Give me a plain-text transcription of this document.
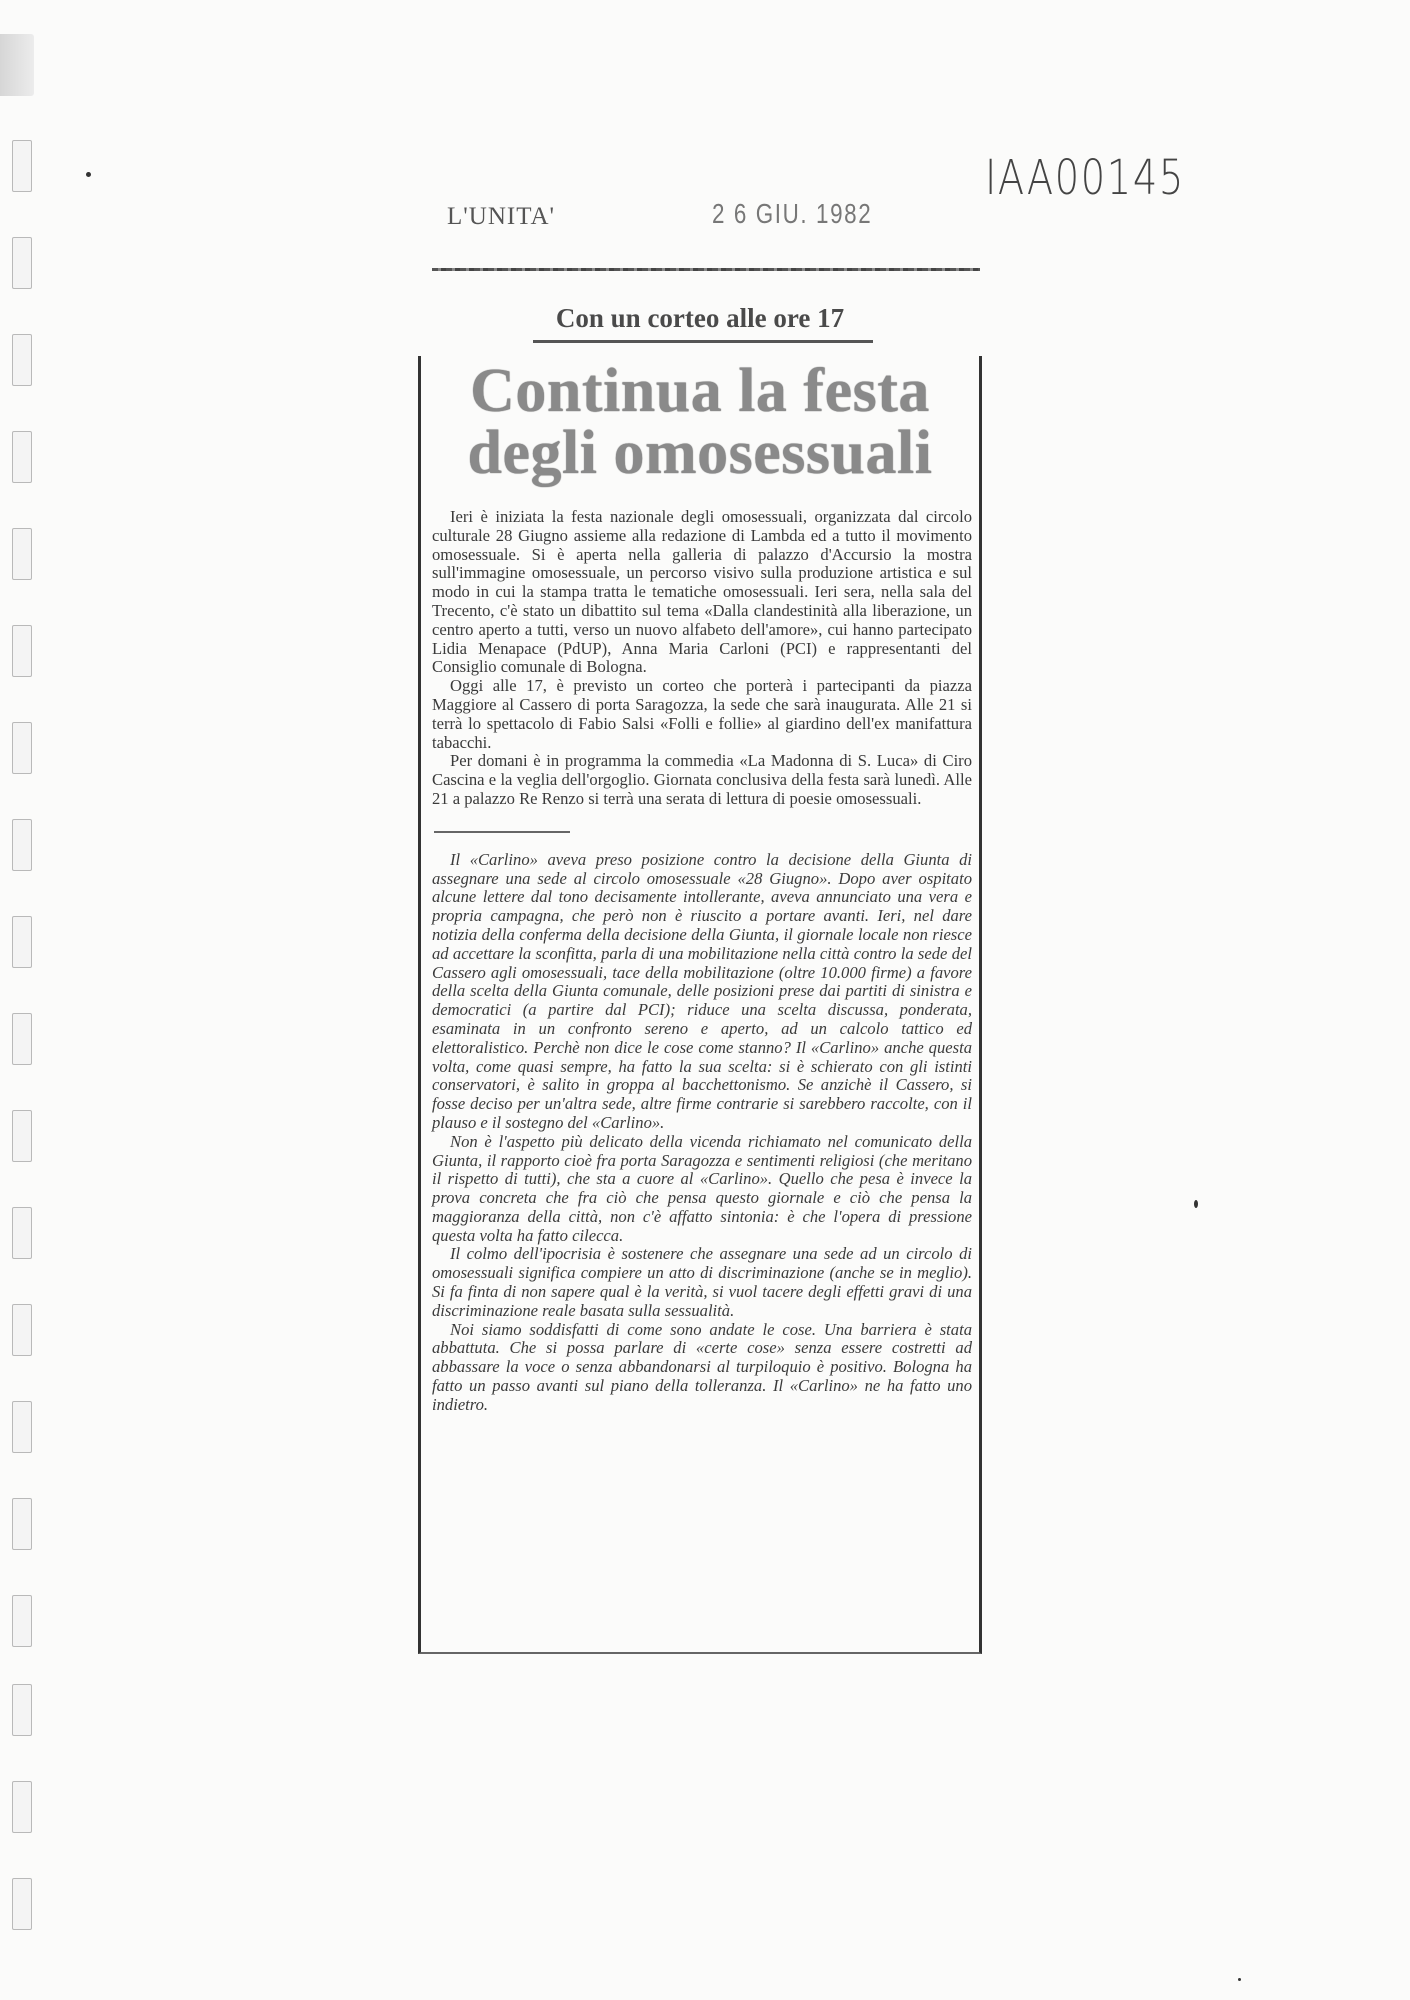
L'UNITA'	2 6 GIU. 1982
IAA00145
Con un corteo alle ore 17
Continua la festa
degli omosessuali

Ieri è iniziata la festa nazionale degli omosessuali, organizzata dal circolo culturale 28 Giugno assieme alla redazione di Lambda ed a tutto il movimento omosessuale. Si è aperta nella galleria di palazzo d'Accursio la mostra sull'immagine omosessuale, un percorso visivo sulla produzione artistica e sul modo in cui la stampa tratta le tematiche omosessuali. Ieri sera, nella sala del Trecento, c'è stato un dibattito sul tema «Dalla clandestinità alla liberazione, un centro aperto a tutti, verso un nuovo alfabeto dell'amore», cui hanno partecipato Lidia Menapace (PdUP), Anna Maria Carloni (PCI) e rappresentanti del Consiglio comunale di Bologna.

Oggi alle 17, è previsto un corteo che porterà i partecipanti da piazza Maggiore al Cassero di porta Saragozza, la sede che sarà inaugurata. Alle 21 si terrà lo spettacolo di Fabio Salsi «Folli e follie» al giardino dell'ex manifattura tabacchi.

Per domani è in programma la commedia «La Madonna di S. Luca» di Ciro Cascina e la veglia dell'orgoglio. Giornata conclusiva della festa sarà lunedì. Alle 21 a palazzo Re Renzo si terrà una serata di lettura di poesie omosessuali.

Il «Carlino» aveva preso posizione contro la decisione della Giunta di assegnare una sede al circolo omosessuale «28 Giugno». Dopo aver ospitato alcune lettere dal tono decisamente intollerante, aveva annunciato una vera e propria campagna, che però non è riuscito a portare avanti. Ieri, nel dare notizia della conferma della decisione della Giunta, il giornale locale non riesce ad accettare la sconfitta, parla di una mobilitazione nella città contro la sede del Cassero agli omosessuali, tace della mobilitazione (oltre 10.000 firme) a favore della scelta della Giunta comunale, delle posizioni prese dai partiti di sinistra e democratici (a partire dal PCI); riduce una scelta discussa, ponderata, esaminata in un confronto sereno e aperto, ad un calcolo tattico ed elettoralistico. Perchè non dice le cose come stanno? Il «Carlino» anche questa volta, come quasi sempre, ha fatto la sua scelta: si è schierato con gli istinti conservatori, è salito in groppa al bacchettonismo. Se anzichè il Cassero, si fosse deciso per un'altra sede, altre firme contrarie si sarebbero raccolte, con il plauso e il sostegno del «Carlino».

Non è l'aspetto più delicato della vicenda richiamato nel comunicato della Giunta, il rapporto cioè fra porta Saragozza e sentimenti religiosi (che meritano il rispetto di tutti), che sta a cuore al «Carlino». Quello che pesa è invece la prova concreta che fra ciò che pensa questo giornale e ciò che pensa la maggioranza della città, non c'è affatto sintonia: è che l'opera di pressione questa volta ha fatto cilecca.

Il colmo dell'ipocrisia è sostenere che assegnare una sede ad un circolo di omosessuali significa compiere un atto di discriminazione (anche se in meglio). Si fa finta di non sapere qual è la verità, si vuol tacere degli effetti gravi di una discriminazione reale basata sulla sessualità.

Noi siamo soddisfatti di come sono andate le cose. Una barriera è stata abbattuta. Che si possa parlare di «certe cose» senza essere costretti ad abbassare la voce o senza abbandonarsi al turpiloquio è positivo. Bologna ha fatto un passo avanti sul piano della tolleranza. Il «Carlino» ne ha fatto uno indietro.
